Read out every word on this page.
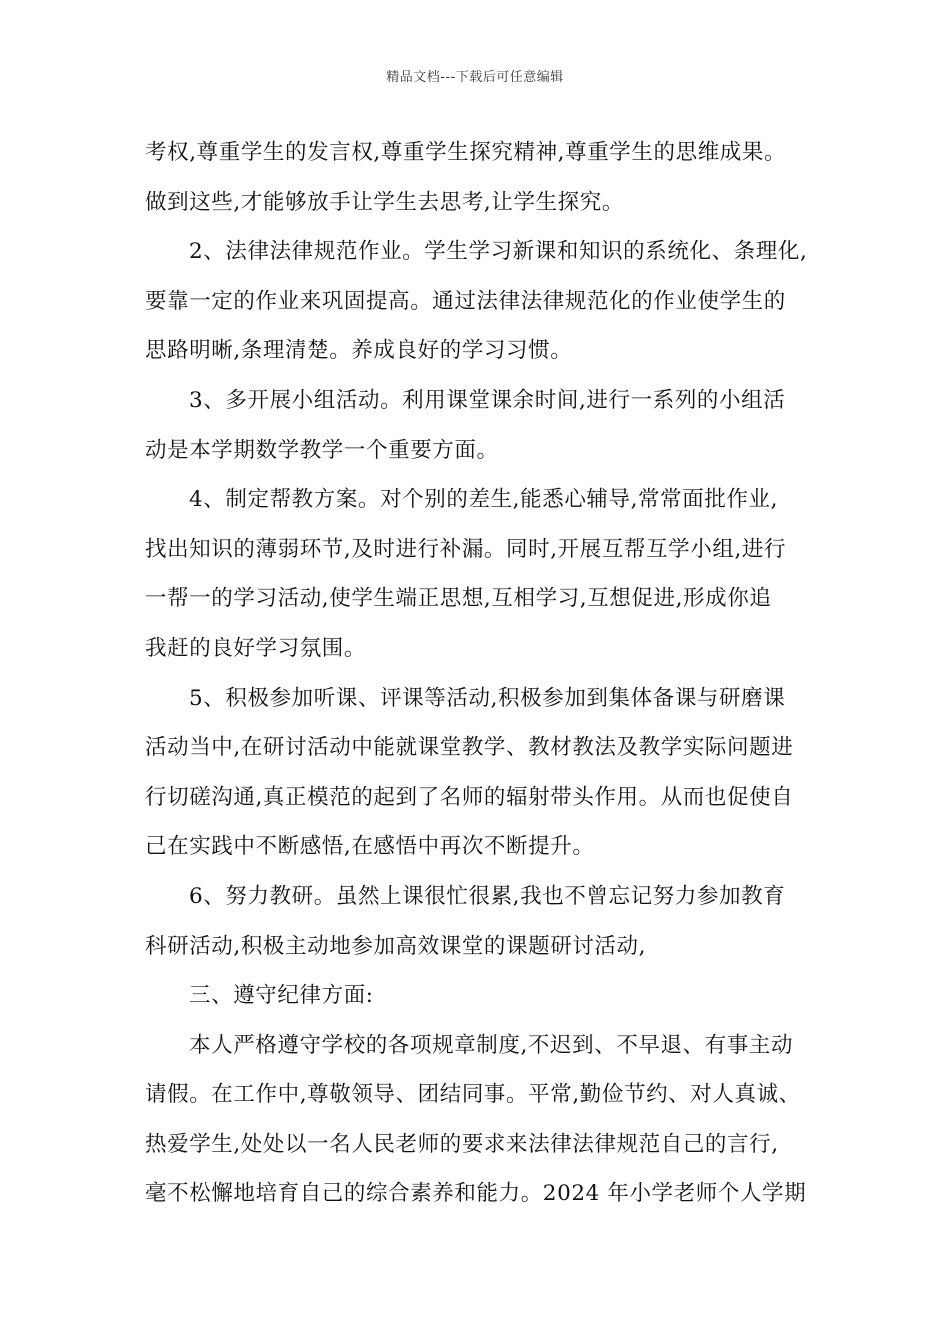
精品文档---下载后可任意编辑
考权,尊重学生的发言权,尊重学生探究精神,尊重学生的思维成果。
做到这些,才能够放手让学生去思考,让学生探究。
2、法律法律规范作业。学生学习新课和知识的系统化、条理化,
要靠一定的作业来巩固提高。通过法律法律规范化的作业使学生的
思路明晰,条理清楚。养成良好的学习习惯。
3、多开展小组活动。利用课堂课余时间,进行一系列的小组活
动是本学期数学教学一个重要方面。
4、制定帮教方案。对个别的差生,能悉心辅导,常常面批作业,
找出知识的薄弱环节,及时进行补漏。同时,开展互帮互学小组,进行
一帮一的学习活动,使学生端正思想,互相学习,互想促进,形成你追
我赶的良好学习氛围。
5、积极参加听课、评课等活动,积极参加到集体备课与研磨课
活动当中,在研讨活动中能就课堂教学、教材教法及教学实际问题进
行切磋沟通,真正模范的起到了名师的辐射带头作用。从而也促使自
己在实践中不断感悟,在感悟中再次不断提升。
6、努力教研。虽然上课很忙很累,我也不曾忘记努力参加教育
科研活动,积极主动地参加高效课堂的课题研讨活动,
三、遵守纪律方面:
本人严格遵守学校的各项规章制度,不迟到、不早退、有事主动
请假。在工作中,尊敬领导、团结同事。平常,勤俭节约、对人真诚、
热爱学生,处处以一名人民老师的要求来法律法律规范自己的言行,
毫不松懈地培育自己的综合素养和能力。2024 年小学老师个人学期
